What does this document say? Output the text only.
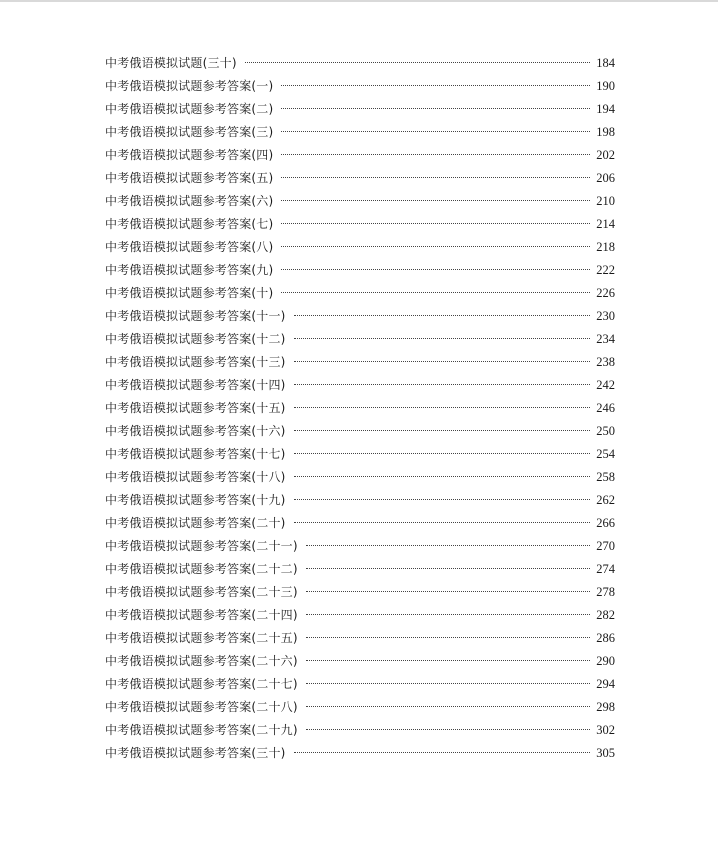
中考俄语模拟试题(三十)	184
中考俄语模拟试题参考答案(一)	190
中考俄语模拟试题参考答案(二)	194
中考俄语模拟试题参考答案(三)	198
中考俄语模拟试题参考答案(四)	202
中考俄语模拟试题参考答案(五)	206
中考俄语模拟试题参考答案(六)	210
中考俄语模拟试题参考答案(七)	214
中考俄语模拟试题参考答案(八)	218
中考俄语模拟试题参考答案(九)	222
中考俄语模拟试题参考答案(十)	226
中考俄语模拟试题参考答案(十一)	230
中考俄语模拟试题参考答案(十二)	234
中考俄语模拟试题参考答案(十三)	238
中考俄语模拟试题参考答案(十四)	242
中考俄语模拟试题参考答案(十五)	246
中考俄语模拟试题参考答案(十六)	250
中考俄语模拟试题参考答案(十七)	254
中考俄语模拟试题参考答案(十八)	258
中考俄语模拟试题参考答案(十九)	262
中考俄语模拟试题参考答案(二十)	266
中考俄语模拟试题参考答案(二十一)	270
中考俄语模拟试题参考答案(二十二)	274
中考俄语模拟试题参考答案(二十三)	278
中考俄语模拟试题参考答案(二十四)	282
中考俄语模拟试题参考答案(二十五)	286
中考俄语模拟试题参考答案(二十六)	290
中考俄语模拟试题参考答案(二十七)	294
中考俄语模拟试题参考答案(二十八)	298
中考俄语模拟试题参考答案(二十九)	302
中考俄语模拟试题参考答案(三十)	305
